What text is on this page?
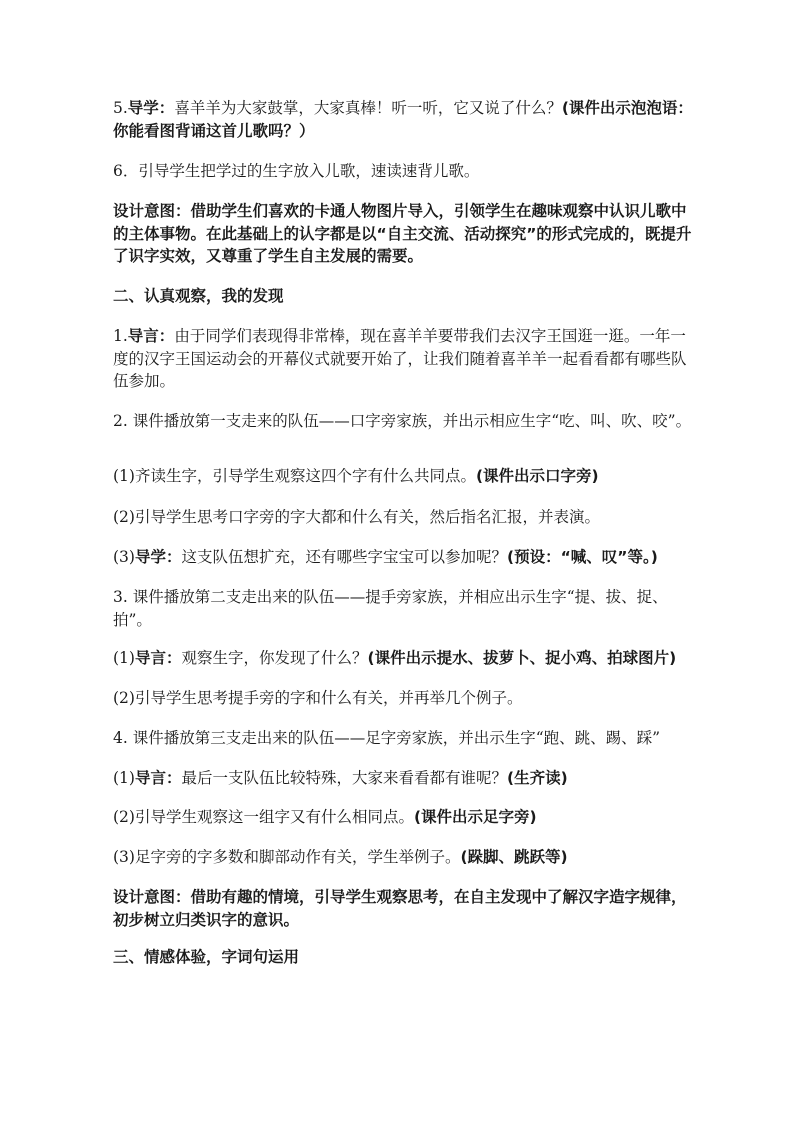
5.导学：喜羊羊为大家鼓掌，大家真棒！听一听，它又说了什么？(课件出示泡泡语：你能看图背诵这首儿歌吗？）

6．引导学生把学过的生字放入儿歌，速读速背儿歌。

设计意图：借助学生们喜欢的卡通人物图片导入，引领学生在趣味观察中认识儿歌中的主体事物。在此基础上的认字都是以“自主交流、活动探究”的形式完成的，既提升了识字实效，又尊重了学生自主发展的需要。

二、认真观察，我的发现

1.导言：由于同学们表现得非常棒，现在喜羊羊要带我们去汉字王国逛一逛。一年一度的汉字王国运动会的开幕仪式就要开始了，让我们随着喜羊羊一起看看都有哪些队伍参加。

2. 课件播放第一支走来的队伍——口字旁家族，并出示相应生字“吃、叫、吹、咬”。

(1)齐读生字，引导学生观察这四个字有什么共同点。(课件出示口字旁)

(2)引导学生思考口字旁的字大都和什么有关，然后指名汇报，并表演。

(3)导学：这支队伍想扩充，还有哪些字宝宝可以参加呢？(预设：“喊、叹”等。)

3. 课件播放第二支走出来的队伍——提手旁家族，并相应出示生字“提、拔、捉、拍”。

(1)导言：观察生字，你发现了什么？(课件出示提水、拔萝卜、捉小鸡、拍球图片)

(2)引导学生思考提手旁的字和什么有关，并再举几个例子。

4. 课件播放第三支走出来的队伍——足字旁家族，并出示生字“跑、跳、踢、踩”

(1)导言：最后一支队伍比较特殊，大家来看看都有谁呢？(生齐读)

(2)引导学生观察这一组字又有什么相同点。(课件出示足字旁)

(3)足字旁的字多数和脚部动作有关，学生举例子。(跺脚、跳跃等)

设计意图：借助有趣的情境，引导学生观察思考，在自主发现中了解汉字造字规律，初步树立归类识字的意识。

三、情感体验，字词句运用
